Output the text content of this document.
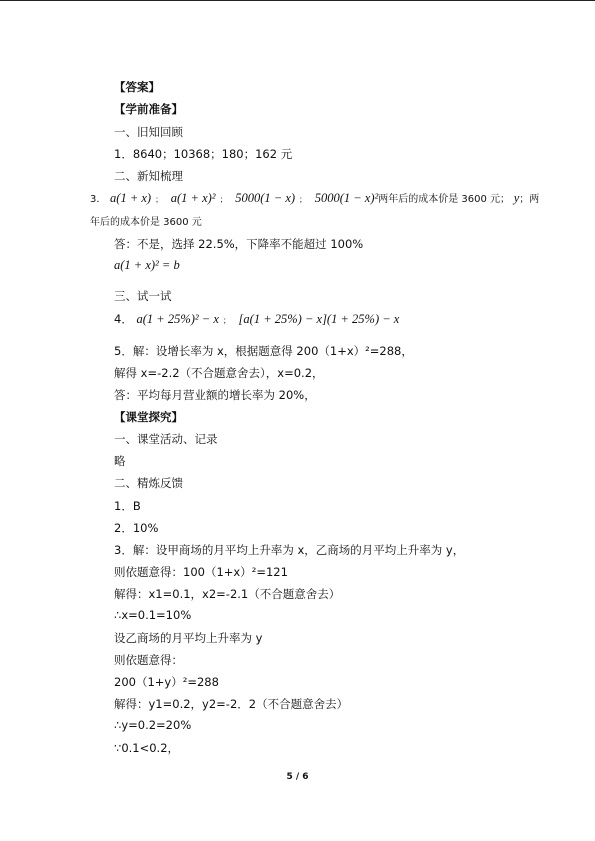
【答案】
【学前准备】
一、旧知回顾
1．8640；10368；180；162 元
二、新知梳理
3． a(1 + x) ； a(1 + x)² ； 5000(1 − x) ； 5000(1 − x)²两年后的成本价是 3600 元； y；两
年后的成本价是 3600 元
答：不是，选择 22.5%，下降率不能超过 100%
a(1 + x)² = b
三、试一试
4． a(1 + 25%)² − x ； [a(1 + 25%) − x](1 + 25%) − x
5．解：设增长率为 x，根据题意得 200（1+x）²=288，
解得 x=-2.2（不合题意舍去），x=0.2，
答：平均每月营业额的增长率为 20%，
【课堂探究】
一、课堂活动、记录
略
二、精炼反馈
1．B
2．10%
3．解：设甲商场的月平均上升率为 x，乙商场的月平均上升率为 y，
则依题意得：100（1+x）²=121
解得：x1=0.1，x2=-2.1（不合题意舍去）
∴x=0.1=10%
设乙商场的月平均上升率为 y
则依题意得：
200（1+y）²=288
解得：y1=0.2，y2=-2．2（不合题意舍去）
∴y=0.2=20%
∵0.1<0.2，
5 / 6
